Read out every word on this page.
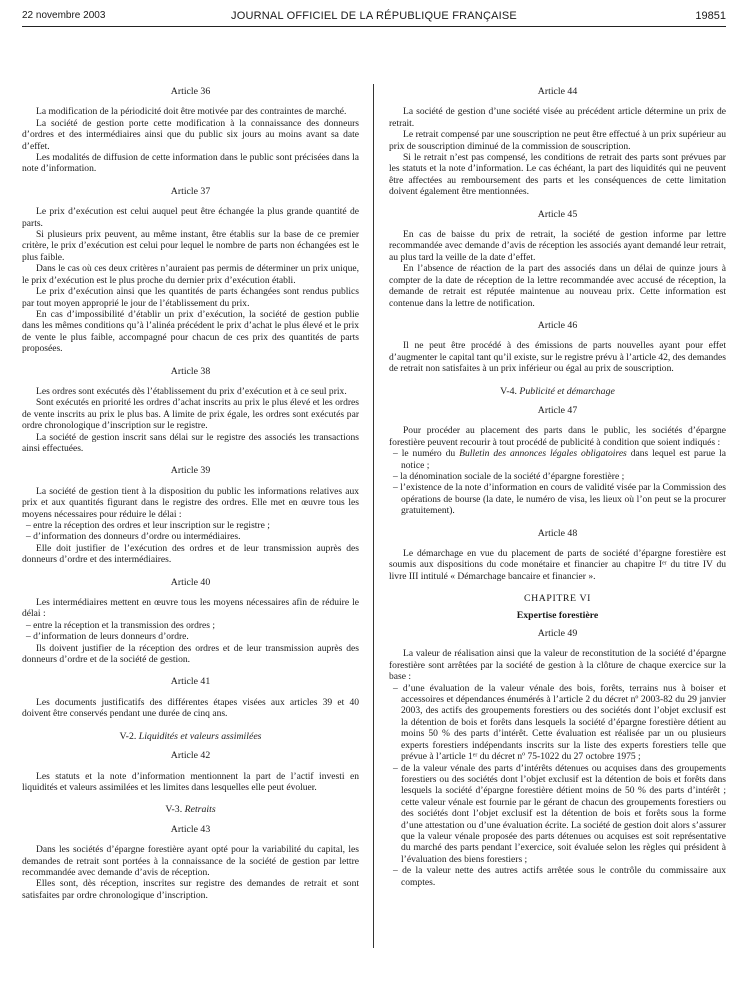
22 novembre 2003	JOURNAL OFFICIEL DE LA RÉPUBLIQUE FRANÇAISE	19851
Article 36

La modification de la périodicité doit être motivée par des contraintes de marché.

La société de gestion porte cette modification à la connaissance des donneurs d’ordres et des intermédiaires ainsi que du public six jours au moins avant sa date d’effet.

Les modalités de diffusion de cette information dans le public sont précisées dans la note d’information.

Article 37

Le prix d’exécution est celui auquel peut être échangée la plus grande quantité de parts.

Si plusieurs prix peuvent, au même instant, être établis sur la base de ce premier critère, le prix d’exécution est celui pour lequel le nombre de parts non échangées est le plus faible.

Dans le cas où ces deux critères n’auraient pas permis de déterminer un prix unique, le prix d’exécution est le plus proche du dernier prix d’exécution établi.

Le prix d’exécution ainsi que les quantités de parts échangées sont rendus publics par tout moyen approprié le jour de l’établissement du prix.

En cas d’impossibilité d’établir un prix d’exécution, la société de gestion publie dans les mêmes conditions qu’à l’alinéa précédent le prix d’achat le plus élevé et le prix de vente le plus faible, accompagné pour chacun de ces prix des quantités de parts proposées.

Article 38

Les ordres sont exécutés dès l’établissement du prix d’exécution et à ce seul prix.

Sont exécutés en priorité les ordres d’achat inscrits au prix le plus élevé et les ordres de vente inscrits au prix le plus bas. A limite de prix égale, les ordres sont exécutés par ordre chronologique d’inscription sur le registre.

La société de gestion inscrit sans délai sur le registre des associés les transactions ainsi effectuées.

Article 39

La société de gestion tient à la disposition du public les informations relatives aux prix et aux quantités figurant dans le registre des ordres. Elle met en œuvre tous les moyens nécessaires pour réduire le délai :

– entre la réception des ordres et leur inscription sur le registre ;
– d’information des donneurs d’ordre ou intermédiaires.

Elle doit justifier de l’exécution des ordres et de leur transmission auprès des donneurs d’ordre et des intermédiaires.

Article 40

Les intermédiaires mettent en œuvre tous les moyens nécessaires afin de réduire le délai :

– entre la réception et la transmission des ordres ;
– d’information de leurs donneurs d’ordre.

Ils doivent justifier de la réception des ordres et de leur transmission auprès des donneurs d’ordre et de la société de gestion.

Article 41

Les documents justificatifs des différentes étapes visées aux articles 39 et 40 doivent être conservés pendant une durée de cinq ans.

V-2. Liquidités et valeurs assimilées
Article 42

Les statuts et la note d’information mentionnent la part de l’actif investi en liquidités et valeurs assimilées et les limites dans lesquelles elle peut évoluer.

V-3. Retraits
Article 43

Dans les sociétés d’épargne forestière ayant opté pour la variabilité du capital, les demandes de retrait sont portées à la connaissance de la société de gestion par lettre recommandée avec demande d’avis de réception.

Elles sont, dès réception, inscrites sur registre des demandes de retrait et sont satisfaites par ordre chronologique d’inscription.

Article 44

La société de gestion d’une société visée au précédent article détermine un prix de retrait.

Le retrait compensé par une souscription ne peut être effectué à un prix supérieur au prix de souscription diminué de la commission de souscription.

Si le retrait n’est pas compensé, les conditions de retrait des parts sont prévues par les statuts et la note d’information. Le cas échéant, la part des liquidités qui ne peuvent être affectées au remboursement des parts et les conséquences de cette limitation doivent également être mentionnées.

Article 45

En cas de baisse du prix de retrait, la société de gestion informe par lettre recommandée avec demande d’avis de réception les associés ayant demandé leur retrait, au plus tard la veille de la date d’effet.

En l’absence de réaction de la part des associés dans un délai de quinze jours à compter de la date de réception de la lettre recommandée avec accusé de réception, la demande de retrait est réputée maintenue au nouveau prix. Cette information est contenue dans la lettre de notification.

Article 46

Il ne peut être procédé à des émissions de parts nouvelles ayant pour effet d’augmenter le capital tant qu’il existe, sur le registre prévu à l’article 42, des demandes de retrait non satisfaites à un prix inférieur ou égal au prix de souscription.

V-4. Publicité et démarchage
Article 47

Pour procéder au placement des parts dans le public, les sociétés d’épargne forestière peuvent recourir à tout procédé de publicité à condition que soient indiqués :

– le numéro du Bulletin des annonces légales obligatoires dans lequel est parue la notice ;
– la dénomination sociale de la société d’épargne forestière ;
– l’existence de la note d’information en cours de validité visée par la Commission des opérations de bourse (la date, le numéro de visa, les lieux où l’on peut se la procurer gratuitement).
Article 48

Le démarchage en vue du placement de parts de société d’épargne forestière est soumis aux dispositions du code monétaire et financier au chapitre Iᵉʳ du titre IV du livre III intitulé « Démarchage bancaire et financier ».

CHAPITRE VI
Expertise forestière
Article 49

La valeur de réalisation ainsi que la valeur de reconstitution de la société d’épargne forestière sont arrêtées par la société de gestion à la clôture de chaque exercice sur la base :

– d’une évaluation de la valeur vénale des bois, forêts, terrains nus à boiser et accessoires et dépendances énumérés à l’article 2 du décret nº 2003-82 du 29 janvier 2003, des actifs des groupements forestiers ou des sociétés dont l’objet exclusif est la détention de bois et forêts dans lesquels la société d’épargne forestière détient au moins 50 % des parts d’intérêt. Cette évaluation est réalisée par un ou plusieurs experts forestiers indépendants inscrits sur la liste des experts forestiers telle que prévue à l’article 1ᵉʳ du décret nº 75-1022 du 27 octobre 1975 ;
– de la valeur vénale des parts d’intérêts détenues ou acquises dans des groupements forestiers ou des sociétés dont l’objet exclusif est la détention de bois et forêts dans lesquels la société d’épargne forestière détient moins de 50 % des parts d’intérêt ; cette valeur vénale est fournie par le gérant de chacun des groupements forestiers ou des sociétés dont l’objet exclusif est la détention de bois et forêts sous la forme d’une attestation ou d’une évaluation écrite. La société de gestion doit alors s’assurer que la valeur vénale proposée des parts détenues ou acquises est soit représentative du marché des parts pendant l’exercice, soit évaluée selon les règles qui président à l’évaluation des biens forestiers ;
– de la valeur nette des autres actifs arrêtée sous le contrôle du commissaire aux comptes.
